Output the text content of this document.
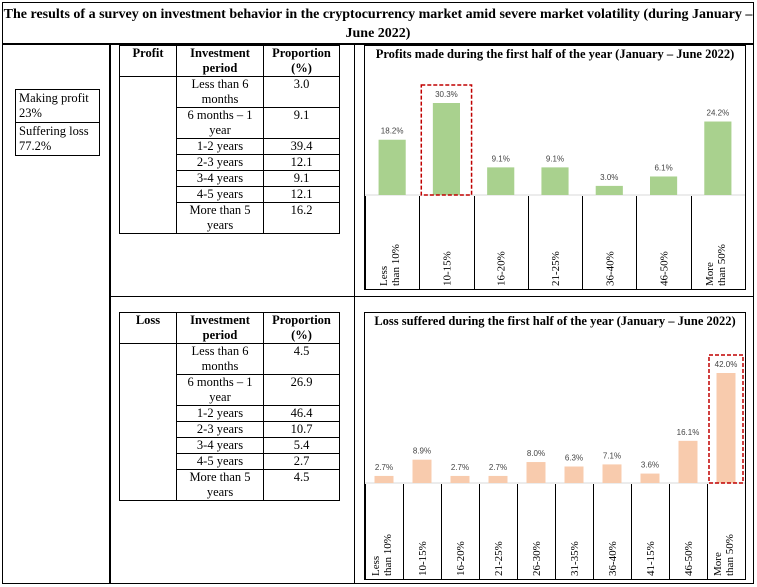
The results of a survey on investment behavior in the cryptocurrency market amid severe market volatility (during January – June 2022)
Making profit 23%
Suffering loss 77.2%
Profit	Investment period	Proportion (%)
	Less than 6 months	3.0
	6 months – 1 year	9.1
	1-2 years	39.4
	2-3 years	12.1
	3-4 years	9.1
	4-5 years	12.1
	More than 5 years	16.2
Loss	Investment period	Proportion (%)
	Less than 6 months	4.5
	6 months – 1 year	26.9
	1-2 years	46.4
	2-3 years	10.7
	3-4 years	5.4
	4-5 years	2.7
	More than 5 years	4.5
Profits made during the first half of the year (January – June 2022)
18.2%
Lessthan 10%
30.3%
10-15%
9.1%
16-20%
9.1%
21-25%
3.0%
36-40%
6.1%
46-50%
24.2%
Morethan 50%
Loss suffered during the first half of the year (January – June 2022)
2.7%
Lessthan 10%
8.9%
10-15%
2.7%
16-20%
2.7%
21-25%
8.0%
26-30%
6.3%
31-35%
7.1%
36-40%
3.6%
41-15%
16.1%
46-50%
42.0%
Morethan 50%
